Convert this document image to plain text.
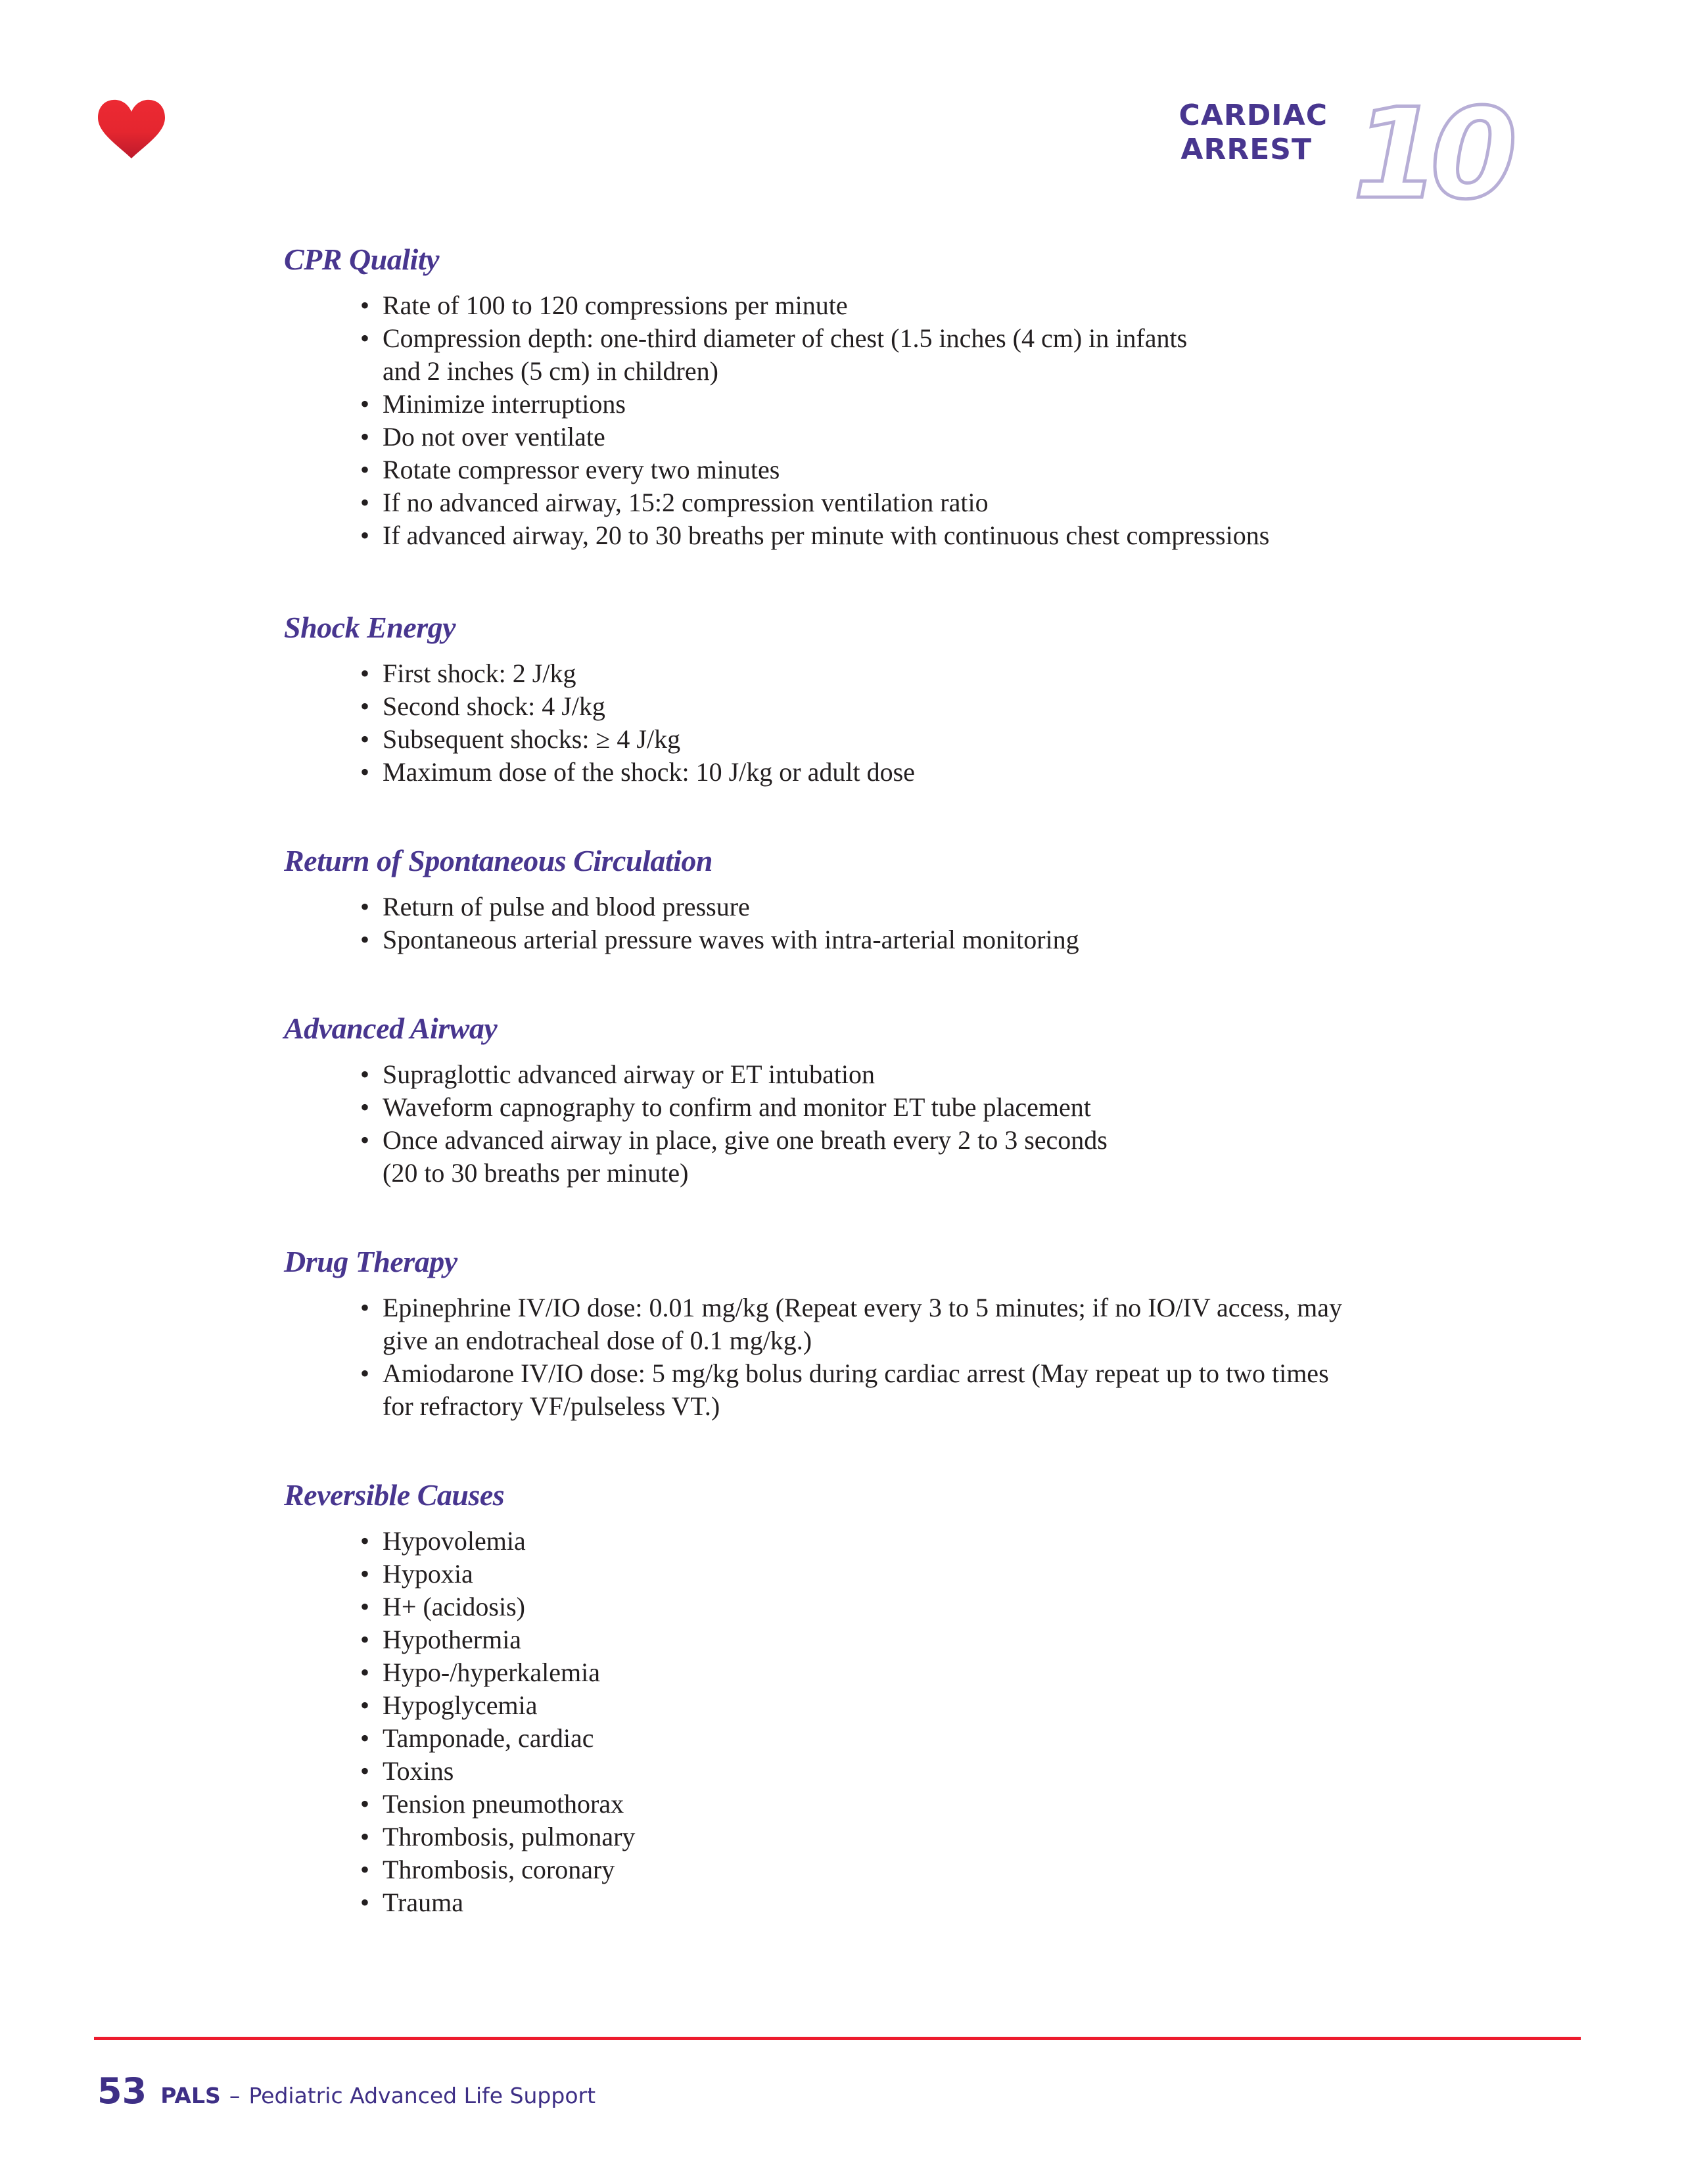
CARDIAC
ARREST 10
CPR Quality
• Rate of 100 to 120 compressions per minute
• Compression depth: one-third diameter of chest (1.5 inches (4 cm) in infants
and 2 inches (5 cm) in children)
• Minimize interruptions
• Do not over ventilate
• Rotate compressor every two minutes
• If no advanced airway, 15:2 compression ventilation ratio
• If advanced airway, 20 to 30 breaths per minute with continuous chest compressions
Shock Energy
• First shock: 2 J/kg
• Second shock: 4 J/kg
• Subsequent shocks: ≥ 4 J/kg
• Maximum dose of the shock: 10 J/kg or adult dose
Return of Spontaneous Circulation
• Return of pulse and blood pressure
• Spontaneous arterial pressure waves with intra-arterial monitoring
Advanced Airway
• Supraglottic advanced airway or ET intubation
• Waveform capnography to confirm and monitor ET tube placement
• Once advanced airway in place, give one breath every 2 to 3 seconds
(20 to 30 breaths per minute)
Drug Therapy
• Epinephrine IV/IO dose: 0.01 mg/kg (Repeat every 3 to 5 minutes; if no IO/IV access, may
give an endotracheal dose of 0.1 mg/kg.)
• Amiodarone IV/IO dose: 5 mg/kg bolus during cardiac arrest (May repeat up to two times
for refractory VF/pulseless VT.)
Reversible Causes
• Hypovolemia
• Hypoxia
• H+ (acidosis)
• Hypothermia
• Hypo-/hyperkalemia
• Hypoglycemia
• Tamponade, cardiac
• Toxins
• Tension pneumothorax
• Thrombosis, pulmonary
• Thrombosis, coronary
• Trauma
53 PALS – Pediatric Advanced Life Support
